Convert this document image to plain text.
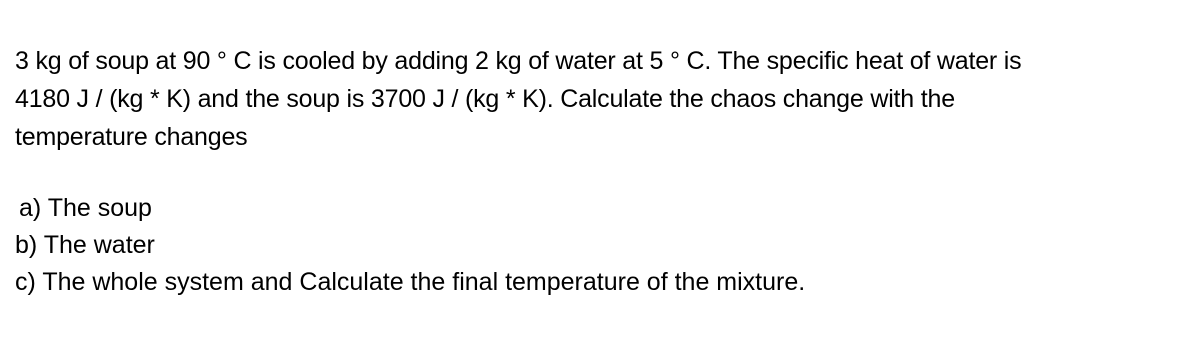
3 kg of soup at 90 ° C is cooled by adding 2 kg of water at 5 ° C. The specific heat of water is
4180 J / (kg * K) and the soup is 3700 J / (kg * K). Calculate the chaos change with the
temperature changes

a) The soup
b) The water
c) The whole system and Calculate the final temperature of the mixture.
